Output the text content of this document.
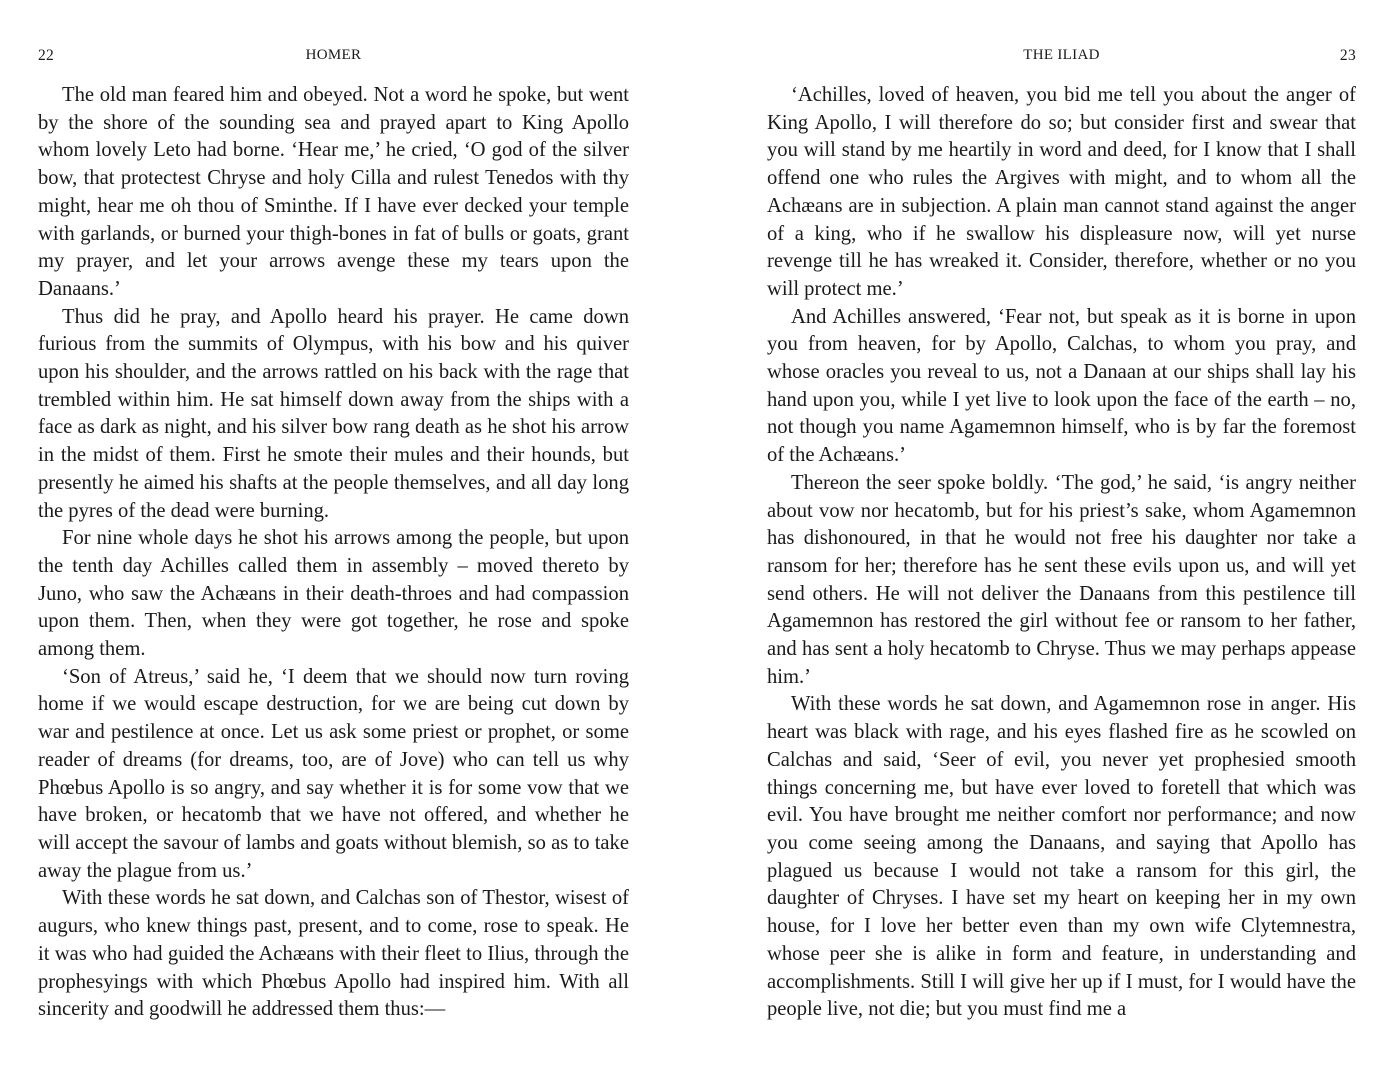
22	HOMER

The old man feared him and obeyed. Not a word he spoke, but went by the shore of the sounding sea and prayed apart to King Apollo whom lovely Leto had borne. ‘Hear me,’ he cried, ‘O god of the silver bow, that protectest Chryse and holy Cilla and rulest Tenedos with thy might, hear me oh thou of Sminthe. If I have ever decked your temple with garlands, or burned your thigh-bones in fat of bulls or goats, grant my prayer, and let your arrows avenge these my tears upon the Danaans.’

Thus did he pray, and Apollo heard his prayer. He came down furious from the summits of Olympus, with his bow and his quiver upon his shoulder, and the arrows rattled on his back with the rage that trembled within him. He sat himself down away from the ships with a face as dark as night, and his silver bow rang death as he shot his arrow in the midst of them. First he smote their mules and their hounds, but presently he aimed his shafts at the people themselves, and all day long the pyres of the dead were burning.

For nine whole days he shot his arrows among the people, but upon the tenth day Achilles called them in assembly – moved thereto by Juno, who saw the Achæans in their death-throes and had compassion upon them. Then, when they were got together, he rose and spoke among them.

‘Son of Atreus,’ said he, ‘I deem that we should now turn roving home if we would escape destruction, for we are being cut down by war and pestilence at once. Let us ask some priest or prophet, or some reader of dreams (for dreams, too, are of Jove) who can tell us why Phœbus Apollo is so angry, and say whether it is for some vow that we have broken, or hecatomb that we have not offered, and whether he will accept the savour of lambs and goats without blemish, so as to take away the plague from us.’

With these words he sat down, and Calchas son of Thestor, wisest of augurs, who knew things past, present, and to come, rose to speak. He it was who had guided the Achæans with their fleet to Ilius, through the prophesyings with which Phœbus Apollo had inspired him. With all sincerity and goodwill he addressed them thus:—

THE ILIAD	23

‘Achilles, loved of heaven, you bid me tell you about the anger of King Apollo, I will therefore do so; but consider first and swear that you will stand by me heartily in word and deed, for I know that I shall offend one who rules the Argives with might, and to whom all the Achæans are in subjection. A plain man cannot stand against the anger of a king, who if he swallow his displeasure now, will yet nurse revenge till he has wreaked it. Consider, therefore, whether or no you will protect me.’

And Achilles answered, ‘Fear not, but speak as it is borne in upon you from heaven, for by Apollo, Calchas, to whom you pray, and whose oracles you reveal to us, not a Danaan at our ships shall lay his hand upon you, while I yet live to look upon the face of the earth – no, not though you name Agamemnon himself, who is by far the foremost of the Achæans.’

Thereon the seer spoke boldly. ‘The god,’ he said, ‘is angry neither about vow nor hecatomb, but for his priest’s sake, whom Agamemnon has dishonoured, in that he would not free his daughter nor take a ransom for her; therefore has he sent these evils upon us, and will yet send others. He will not deliver the Danaans from this pestilence till Agamemnon has restored the girl without fee or ransom to her father, and has sent a holy hecatomb to Chryse. Thus we may perhaps appease him.’

With these words he sat down, and Agamemnon rose in anger. His heart was black with rage, and his eyes flashed fire as he scowled on Calchas and said, ‘Seer of evil, you never yet prophesied smooth things concerning me, but have ever loved to foretell that which was evil. You have brought me neither comfort nor performance; and now you come seeing among the Danaans, and saying that Apollo has plagued us because I would not take a ransom for this girl, the daughter of Chryses. I have set my heart on keeping her in my own house, for I love her better even than my own wife Clytemnestra, whose peer she is alike in form and feature, in understanding and accomplishments. Still I will give her up if I must, for I would have the people live, not die; but you must find me a
